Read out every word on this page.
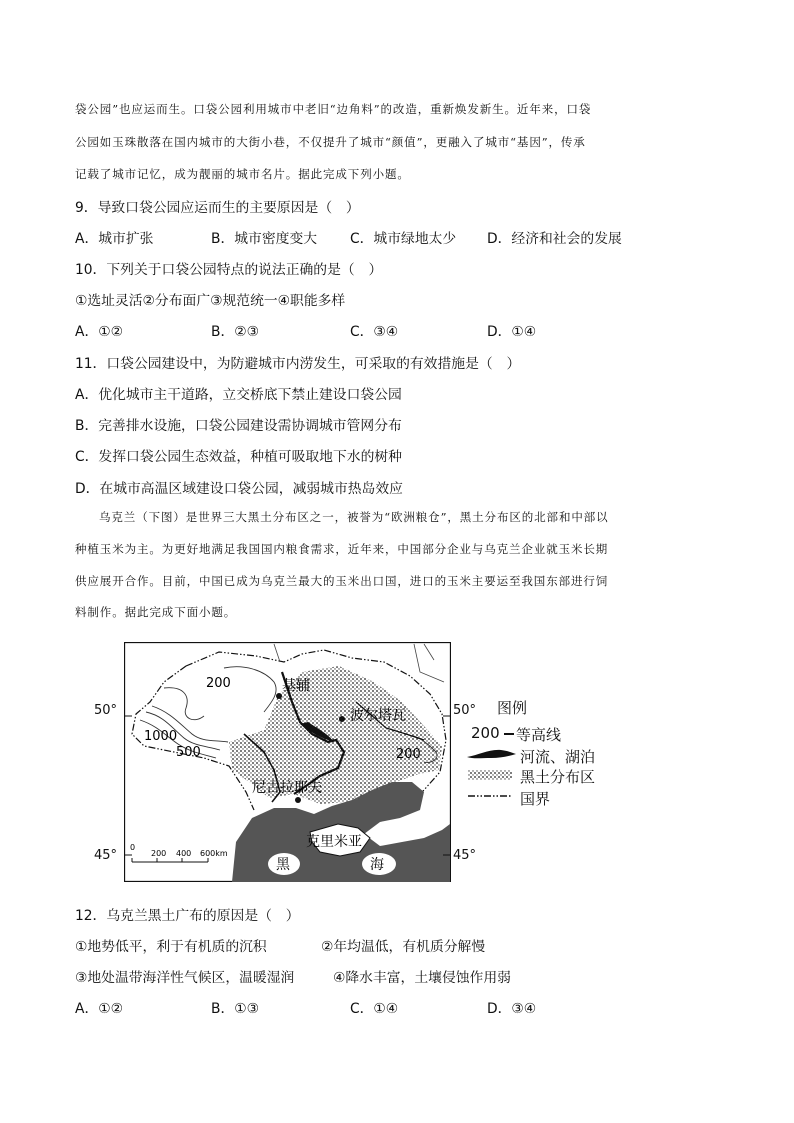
袋公园”也应运而生。口袋公园利用城市中老旧“边角料”的改造，重新焕发新生。近年来，口袋
公园如玉珠散落在国内城市的大街小巷，不仅提升了城市“颜值”，更融入了城市“基因”，传承
记载了城市记忆，成为靓丽的城市名片。据此完成下列小题。
9．导致口袋公园应运而生的主要原因是（　）
A．城市扩张	B．城市密度变大 C．城市绿地太少 D．经济和社会的发展
10．下列关于口袋公园特点的说法正确的是（　）
①选址灵活②分布面广③规范统一④职能多样
A．①②	B．②③	C．③④	D．①④
11．口袋公园建设中，为防避城市内涝发生，可采取的有效措施是（　）
A．优化城市主干道路，立交桥底下禁止建设口袋公园
B．完善排水设施，口袋公园建设需协调城市管网分布
C．发挥口袋公园生态效益，种植可吸取地下水的树种
D．在城市高温区域建设口袋公园，减弱城市热岛效应
乌克兰（下图）是世界三大黑土分布区之一，被誉为“欧洲粮仓”，黑土分布区的北部和中部以
种植玉米为主。为更好地满足我国国内粮食需求，近年来，中国部分企业与乌克兰企业就玉米长期
供应展开合作。目前，中国已成为乌克兰最大的玉米出口国，进口的玉米主要运至我国东部进行饲
料制作。据此完成下面小题。
200
1000
500	200
基辅
波尔塔瓦
尼古拉耶夫
克里米亚
黑	海
0
200 400 600km
50°	50°
45°	45°
图例
200 等高线
河流、湖泊
黑土分布区
国界
12．乌克兰黑土广布的原因是（　）
①地势低平，利于有机质的沉积	②年均温低，有机质分解慢
③地处温带海洋性气候区，温暖湿润	④降水丰富，土壤侵蚀作用弱
A．①②	B．①③	C．①④	D．③④
